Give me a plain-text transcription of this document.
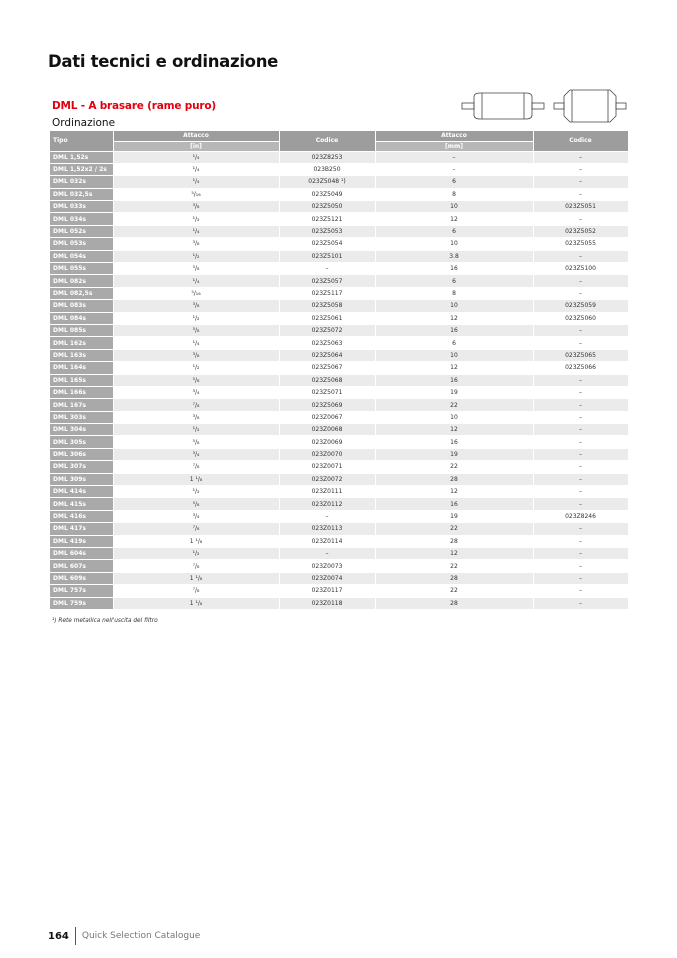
Dati tecnici e ordinazione
DML - A brasare (rame puro)
Ordinazione
Tipo	Attacco	Codice	Attacco	Codice
	[in]		[mm]	
DML 1,52s	¹/₄	023Z8253	–	–
DML 1,52x2 / 2s	¹/₄	023B250	–	–
DML 032s	¹/₄	023Z5048 ¹)	6	–
DML 032,5s	⁵/₁₆	023Z5049	8	–
DML 033s	³/₈	023Z5050	10	023Z5051
DML 034s	¹/₂	023Z5121	12	–
DML 052s	¹/₄	023Z5053	6	023Z5052
DML 053s	³/₈	023Z5054	10	023Z5055
DML 054s	¹/₂	023Z5101	3.8	–
DML 055s	⁵/₈	–	16	023Z5100
DML 082s	¹/₄	023Z5057	6	–
DML 082,5s	⁵/₁₆	023Z5117	8	–
DML 083s	³/₈	023Z5058	10	023Z5059
DML 084s	¹/₂	023Z5061	12	023Z5060
DML 085s	⁵/₈	023Z5072	16	–
DML 162s	¹/₄	023Z5063	6	–
DML 163s	³/₈	023Z5064	10	023Z5065
DML 164s	¹/₂	023Z5067	12	023Z5066
DML 165s	⁵/₈	023Z5068	16	–
DML 166s	³/₄	023Z5071	19	–
DML 167s	⁷/₈	023Z5069	22	–
DML 303s	³/₈	023Z0067	10	–
DML 304s	¹/₂	023Z0068	12	–
DML 305s	⁵/₈	023Z0069	16	–
DML 306s	³/₄	023Z0070	19	–
DML 307s	⁷/₈	023Z0071	22	–
DML 309s	1 ¹/₈	023Z0072	28	–
DML 414s	¹/₂	023Z0111	12	–
DML 415s	⁵/₈	023Z0112	16	–
DML 416s	³/₄	–	19	023Z8246
DML 417s	⁷/₈	023Z0113	22	–
DML 419s	1 ¹/₈	023Z0114	28	–
DML 604s	¹/₂	–	12	–
DML 607s	⁷/₈	023Z0073	22	–
DML 609s	1 ¹/₈	023Z0074	28	–
DML 757s	⁷/₈	023Z0117	22	–
DML 759s	1 ¹/₈	023Z0118	28	–
¹) Rete metallica nell'uscita del filtro
164 Quick Selection Catalogue
